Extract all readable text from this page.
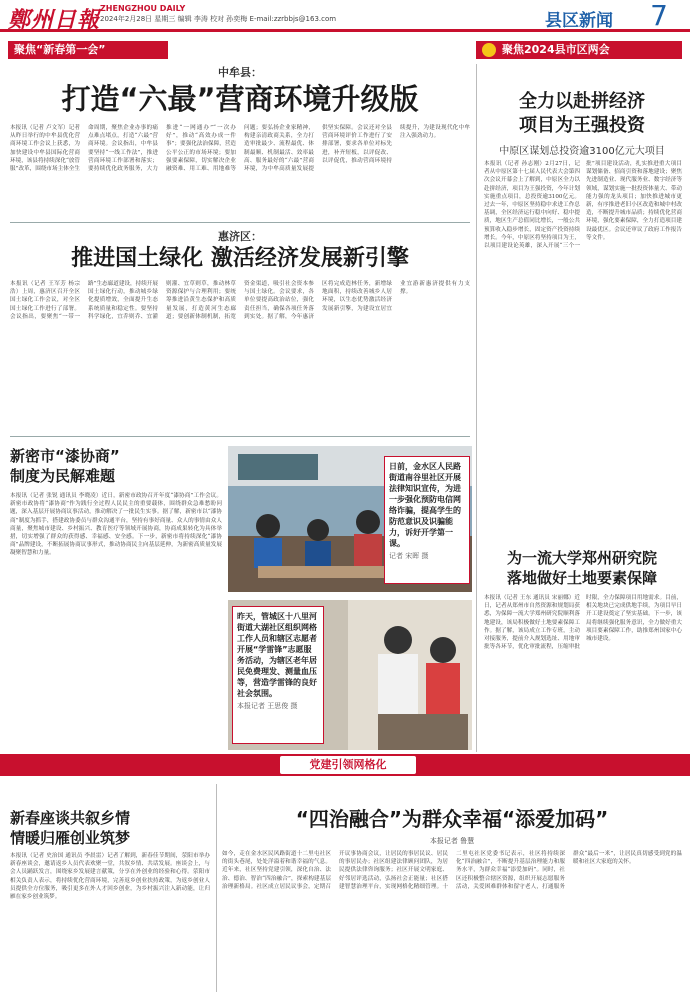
鄭州日報 ZHENGZHOU DAILY
2024年2月28日 星期三 编辑 李涛 校对 孙奕梅 E-mail:zzrbbjs@163.com	县区新闻	7
聚焦“新春第一会”	聚焦2024县市区两会
中牟县：
打造“六最”营商环境升级版
本报讯（记者 卢文军）记者从昨日举行的中牟县优化营商环境工作会议上获悉，为加快建设中牟县国际化营商环境，该县将持续深化“放管服”改革，围绕市场主体全生命周期，聚焦企业办事的痛点难点堵点，打造“六最”营商环境。会议指出，中牟县要坚持“一线工作法”，推进营商环境工作部署和落实；要持续优化政务服务，大力推进“一网通办”“一次办好”，推动“高效办成一件事”；要强化法治保障，营造公平公正的市场环境；要加强要素保障，切实解决企业融资难、用工难、用地难等问题；要弘扬企业家精神，构建亲清政商关系，全力打造审批最少、流程最优、体制最顺、机制最活、效率最高、服务最好的“六最”营商环境，为中牟高质量发展提供坚实保障。会议还对全县营商环境评价工作进行了安排部署，要求各单位对标先进，补齐短板，以评促改、以评促优，推动营商环境持续提升，为建设现代化中牟注入强劲动力。
惠济区：
推进国土绿化 激活经济发展新引擎
本报讯（记者 王军芳 杨宗浩）上周，惠济区召开全区国土绿化工作会议，对全区国土绿化工作进行了部署。会议指出，要聚焦“一带一路”生态廊道建设，持续开展国土绿化行动，推动城乡绿化提质增效，全面提升生态系统质量和稳定性。要坚持科学绿化，宜乔则乔、宜灌则灌、宜草则草，推动林草资源保护与合理利用；要统筹推进沿黄生态保护和高质量发展，打造黄河生态廊道；要创新体制机制，拓宽资金渠道，吸引社会资本参与国土绿化。会议要求，各单位要提高政治站位，强化责任担当，确保各项任务落到实处。据了解，今年惠济区将完成造林任务，新增绿地面积，持续改善城乡人居环境，以生态优势激活经济发展新引擎，为建设宜居宜业宜游新惠济提供有力支撑。
全力以赴拼经济
项目为王强投资
中原区谋划总投资逾3100亿元大项目
本报讯（记者 孙志刚）2月27日，记者从中原区第十七届人民代表大会第四次会议开幕会上了解到，中原区全力以赴拼经济，项目为王强投资，今年计划实施重点项目，总投资逾3100亿元。过去一年，中原区坚持稳中求进工作总基调，全区经济运行稳中向好、稳中提质，地区生产总值同比增长，一般公共预算收入稳步增长，固定资产投资持续增长。今年，中原区将坚持项目为王，以项目建设论英雄，深入开展“三个一批”项目建设活动，扎实推进重大项目谋划储备、招商引资和落地建设；聚焦先进制造业、现代服务业、数字经济等领域，谋划实施一批投资体量大、带动能力强的龙头项目；加快推进城市更新，有序推进老旧小区改造和城中村改造，不断提升城市品质；持续优化营商环境，强化要素保障，全力打造项目建设最优区。会议还审议了政府工作报告等文件。
为一流大学郑州研究院
落地做好土地要素保障
本报讯（记者 王东 通讯员 宋丽娜）近日，记者从郑州市自然资源和规划局获悉，为保障一流大学郑州研究院顺利落地建设，该局积极做好土地要素保障工作。据了解，该局成立工作专班，主动对接服务，提前介入规划选址、用地审批等各环节，优化审批流程，压缩审批时限，全力保障项目用地需求。目前，相关地块已完成供地手续，为项目早日开工建设奠定了坚实基础。下一步，该局将继续强化服务意识，全力做好重大项目要素保障工作，助推郑州国家中心城市建设。
新密市“漆协商”
制度为民解难题
本报讯（记者 张锐 通讯员 李晓凌）近日，新密市政协召开年度“漆协商”工作会议。新密市政协将“漆协商”作为践行全过程人民民主的重要载体，围绕群众急难愁盼问题，深入基层开展协商议事活动，推动解决了一批民生实事。据了解，新密市以“漆协商”制度为抓手，搭建政协委员与群众沟通平台，坚持有事好商量、众人的事情由众人商量，聚焦城市建设、乡村振兴、教育医疗等领域开展协商，协商成果转化为具体举措，切实增强了群众的获得感、幸福感、安全感。下一步，新密市将持续深化“漆协商”品牌建设，不断拓展协商议事形式，推动协商民主向基层延伸，为新密高质量发展凝聚智慧和力量。
日前，金水区人民路街道南谷里社区开展法律知识宣传，为进一步强化预防电信网络诈骗，提高学生的防范意识及识骗能力，诉好开学第一课。
记者 宋晖 摄
昨天，管城区十八里河街道大湖社区组织网格工作人员和辖区志愿者开展“学雷锋”志愿服务活动，为辖区老年居民免费理发、测量血压等，营造学雷锋的良好社会氛围。
本报记者 王思俊 摄
党建引领网格化
新春座谈共叙乡情
情暖归雁创业筑梦
本报讯（记者 史治国 通讯员 李晨雷）记者了解到，新春佳节期间，荥阳市举办新春座谈会，邀请返乡人员代表欢聚一堂，共叙乡情、共话发展。座谈会上，与会人员踊跃发言，围绕家乡发展建言献策，分享在外创业的经验和心得。荥阳市相关负责人表示，将持续优化营商环境，完善返乡创业扶持政策，为返乡创业人员提供全方位服务，吸引更多在外人才回乡创业，为乡村振兴注入新动能，让归雁在家乡创业筑梦。
“四治融合”为群众幸福“添爱加码”
本报记者 鲁慧
如今，走在金水区民风路街道十二里屯社区的街头巷尾，处处洋溢着和谐幸福的气息。近年来，社区坚持党建引领，深化自治、法治、德治、智治“四治融合”，探索构建基层治理新格局。社区成立居民议事会，定期召开议事协商会议，让居民的事居民议、居民的事居民办；社区组建法律顾问团队，为居民提供法律咨询服务；社区开展文明家庭、好邻居评选活动，弘扬社会正能量；社区搭建智慧治理平台，实现网格化精细管理。十二里屯社区党委书记表示，社区将持续深化“四治融合”，不断提升基层治理能力和服务水平，为群众幸福“添爱加码”。同时，社区还积极整合辖区资源，组织开展志愿服务活动，关爱困难群体和留守老人，打通服务群众“最后一米”，让居民真切感受到党的温暖和社区大家庭的关怀。
